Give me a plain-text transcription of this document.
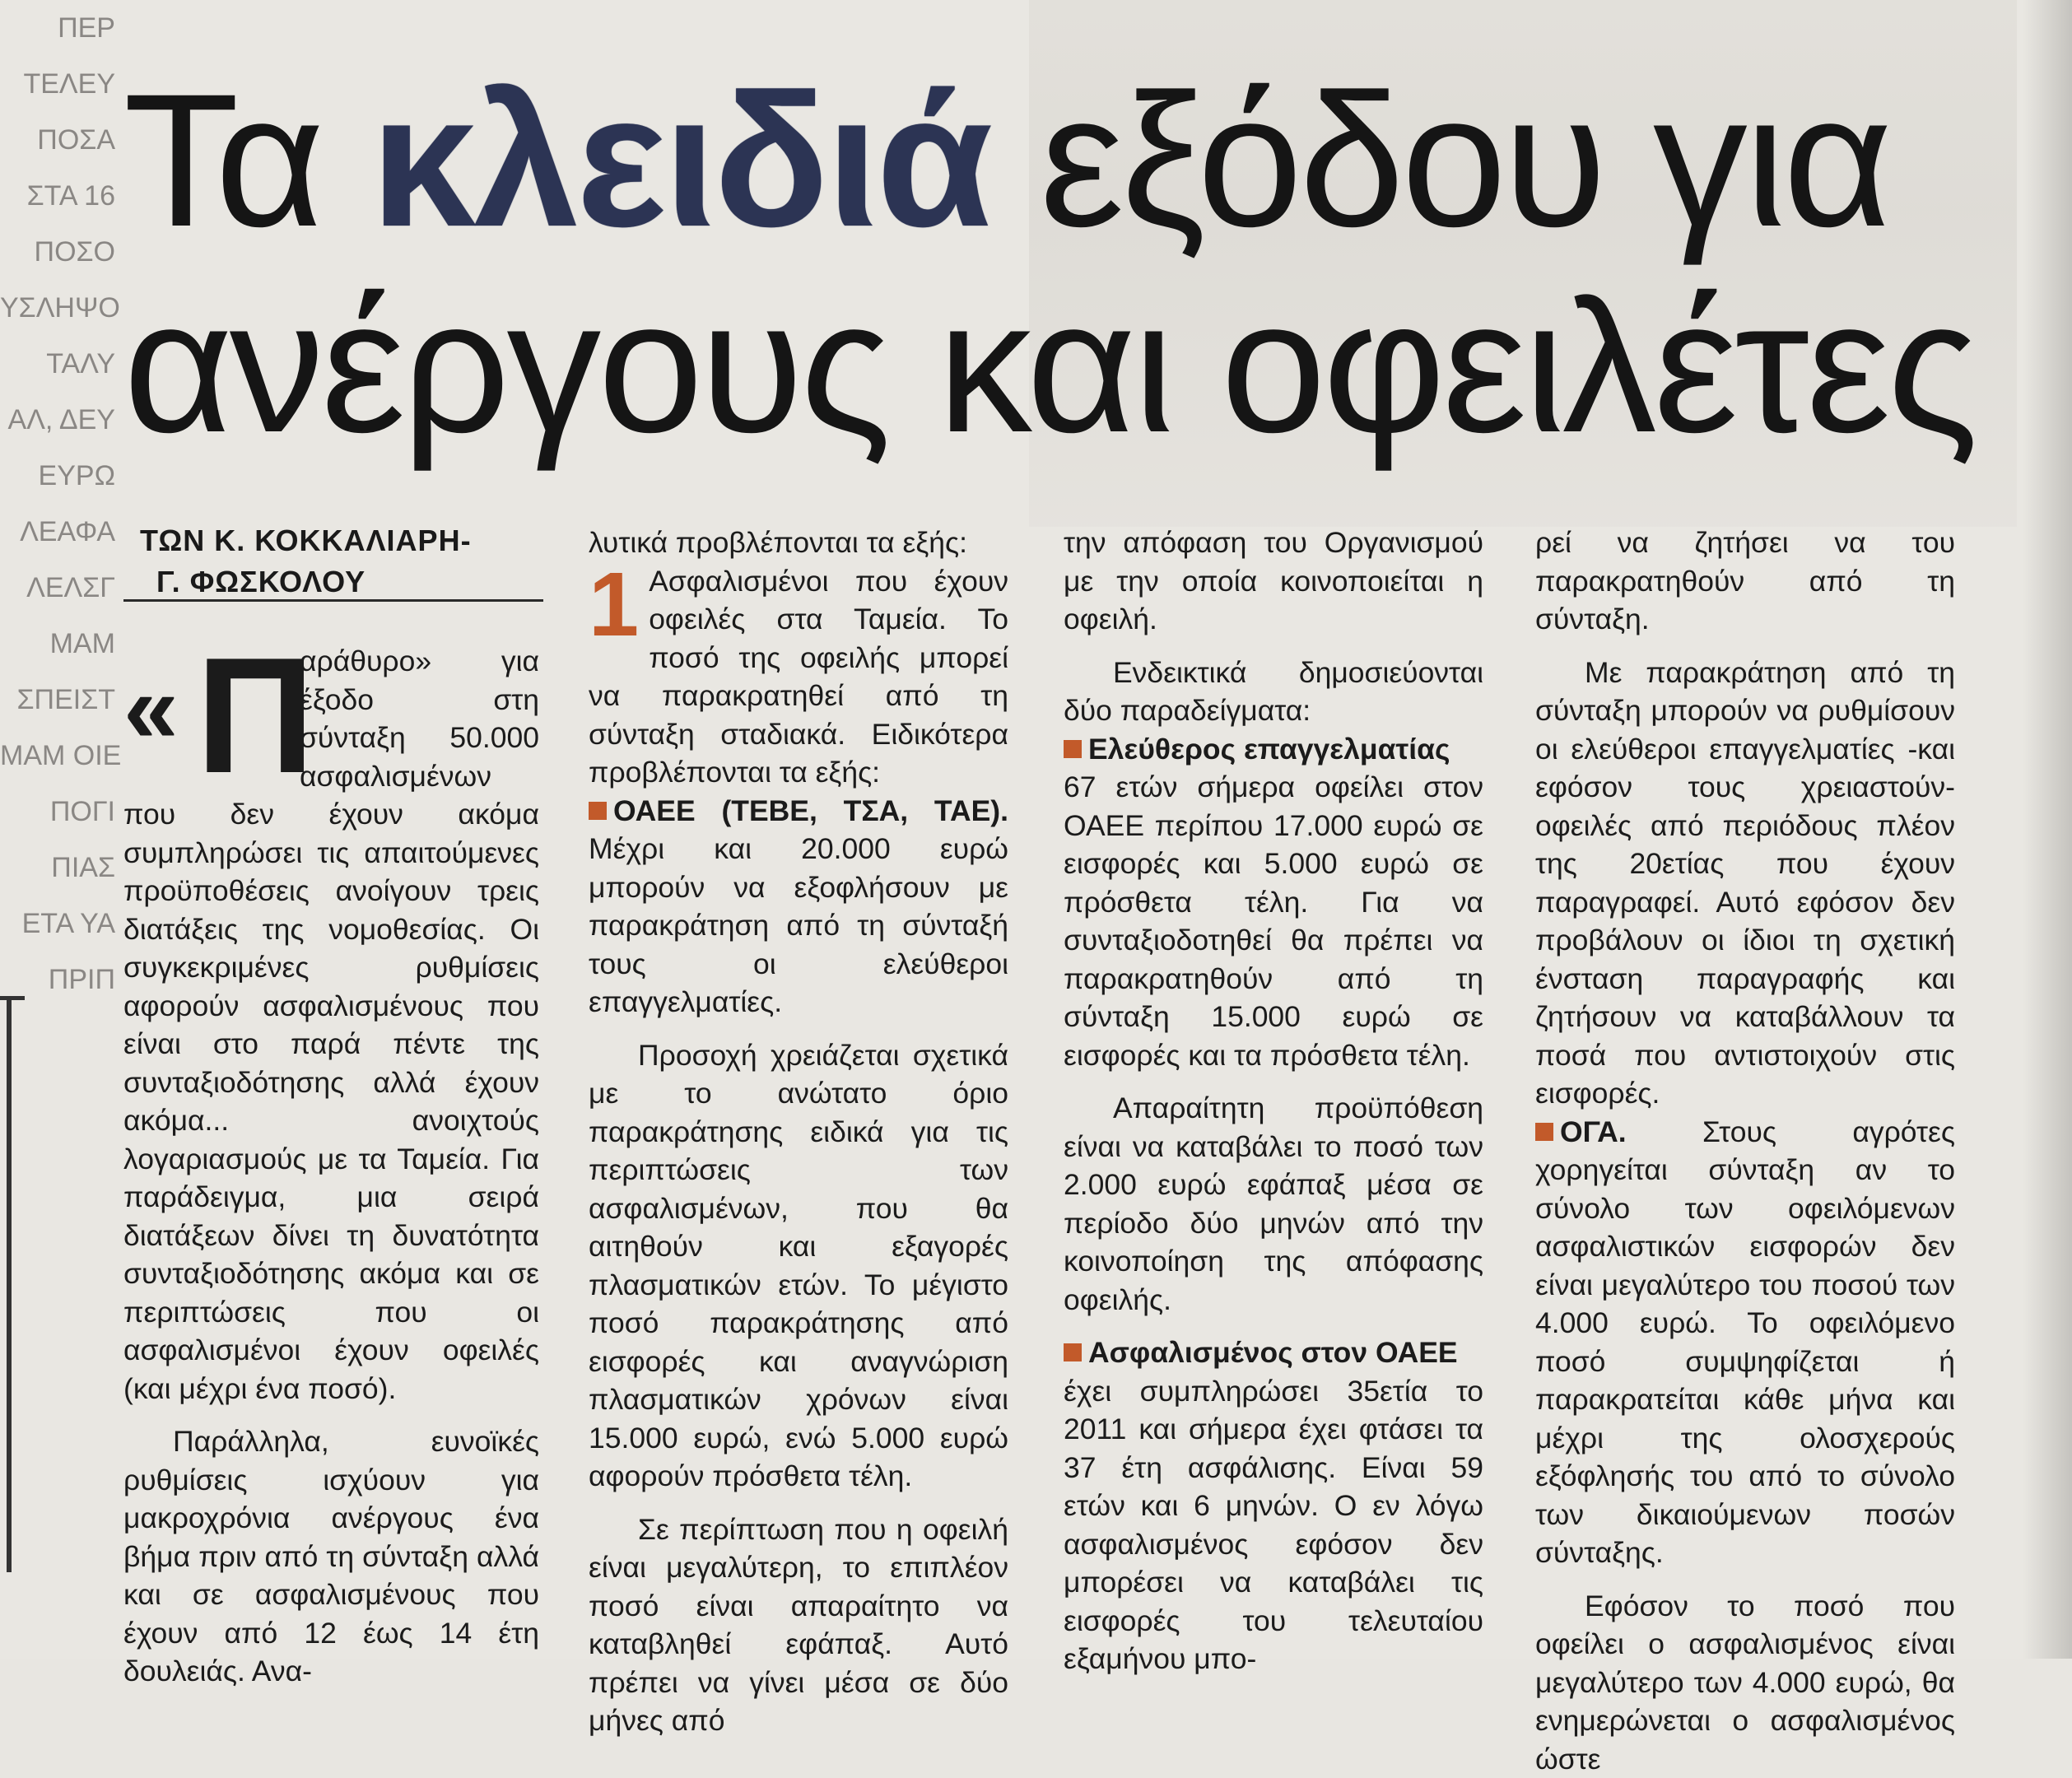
ΠΕΡ
ΤΕΛΕΥ
ΠΟΣΑ
ΣΤΑ 16
ΠΟΣΟ
ΥΣΛΗΨΟ
ΤΑΛΥ
ΑΛ, ΔΕΥ
ΕΥΡΩ
ΛΕΑΦΑ
ΛΕΛΣΓ
ΜΑΜ
ΣΠΕΙΣΤ
ΜΑΜ ΟΙΕ
ΠΟΓΙ
ΠΙΑΣ
ΕΤΑ ΥΑ
ΠΡΙΠ
Τα κλειδιά εξόδου για
ανέργους και οφειλέτες
ΤΩΝ Κ. ΚΟΚΚΑΛΙΑΡΗ-
Γ. ΦΩΣΚΟΛΟΥ

« Π
αράθυρο» για έξοδο στη σύνταξη 50.000 ασφαλισμένων που δεν έχουν ακόμα συμπληρώσει τις απαιτούμενες προϋποθέσεις ανοίγουν τρεις διατάξεις της νομοθεσίας. Οι συγκεκριμένες ρυθμίσεις αφορούν ασφαλισμένους που είναι στο παρά πέντε της συνταξιοδότησης αλλά έχουν ακόμα... ανοιχτούς λογαριασμούς με τα Ταμεία. Για παράδειγμα, μια σειρά διατάξεων δίνει τη δυνατότητα συνταξιοδότησης ακόμα και σε περιπτώσεις που οι ασφαλισμένοι έχουν οφειλές (και μέχρι ένα ποσό).

Παράλληλα, ευνοϊκές ρυθμίσεις ισχύουν για μακροχρόνια ανέργους ένα βήμα πριν από τη σύνταξη αλλά και σε ασφαλισμένους που έχουν από 12 έως 14 έτη δουλειάς. Ανα-

λυτικά προβλέπονται τα εξής:

1 Ασφαλισμένοι που έχουν οφειλές στα Ταμεία. Το ποσό της οφειλής μπορεί να παρακρατηθεί από τη σύνταξη σταδιακά. Ειδικότερα προβλέπονται τα εξής:

ΟΑΕΕ (ΤΕΒΕ, ΤΣΑ, ΤΑΕ). Μέχρι και 20.000 ευρώ μπορούν να εξοφλήσουν με παρακράτηση από τη σύνταξή τους οι ελεύθεροι επαγγελματίες.

Προσοχή χρειάζεται σχετικά με το ανώτατο όριο παρακράτησης ειδικά για τις περιπτώσεις των ασφαλισμένων, που θα αιτηθούν και εξαγορές πλασματικών ετών. Το μέγιστο ποσό παρακράτησης από εισφορές και αναγνώριση πλασματικών χρόνων είναι 15.000 ευρώ, ενώ 5.000 ευρώ αφορούν πρόσθετα τέλη.

Σε περίπτωση που η οφειλή είναι μεγαλύτερη, το επιπλέον ποσό είναι απαραίτητο να καταβληθεί εφάπαξ. Αυτό πρέπει να γίνει μέσα σε δύο μήνες από

την απόφαση του Οργανισμού με την οποία κοινοποιείται η οφειλή.

Ενδεικτικά δημοσιεύονται δύο παραδείγματα:

Ελεύθερος επαγγελματίας

67 ετών σήμερα οφείλει στον ΟΑΕΕ περίπου 17.000 ευρώ σε εισφορές και 5.000 ευρώ σε πρόσθετα τέλη. Για να συνταξιοδοτηθεί θα πρέπει να παρακρατηθούν από τη σύνταξη 15.000 ευρώ σε εισφορές και τα πρόσθετα τέλη.

Απαραίτητη προϋπόθεση είναι να καταβάλει το ποσό των 2.000 ευρώ εφάπαξ μέσα σε περίοδο δύο μηνών από την κοινοποίηση της απόφασης οφειλής.

Ασφαλισμένος στον ΟΑΕΕ

έχει συμπληρώσει 35ετία το 2011 και σήμερα έχει φτάσει τα 37 έτη ασφάλισης. Είναι 59 ετών και 6 μηνών. Ο εν λόγω ασφαλισμένος εφόσον δεν μπορέσει να καταβάλει τις εισφορές του τελευταίου εξαμήνου μπο-

ρεί να ζητήσει να του παρακρατηθούν από τη σύνταξη.

Με παρακράτηση από τη σύνταξη μπορούν να ρυθμίσουν οι ελεύθεροι επαγγελματίες -και εφόσον τους χρειαστούν- οφειλές από περιόδους πλέον της 20ετίας που έχουν παραγραφεί. Αυτό εφόσον δεν προβάλουν οι ίδιοι τη σχετική ένσταση παραγραφής και ζητήσουν να καταβάλλουν τα ποσά που αντιστοιχούν στις εισφορές.

ΟΓΑ. Στους αγρότες χορηγείται σύνταξη αν το σύνολο των οφειλόμενων ασφαλιστικών εισφορών δεν είναι μεγαλύτερο του ποσού των 4.000 ευρώ. Το οφειλόμενο ποσό συμψηφίζεται ή παρακρατείται κάθε μήνα και μέχρι της ολοσχερούς εξόφλησής του από το σύνολο των δικαιούμενων ποσών σύνταξης.

Εφόσον το ποσό που οφείλει ο ασφαλισμένος είναι μεγαλύτερο των 4.000 ευρώ, θα ενημερώνεται ο ασφαλισμένος ώστε
